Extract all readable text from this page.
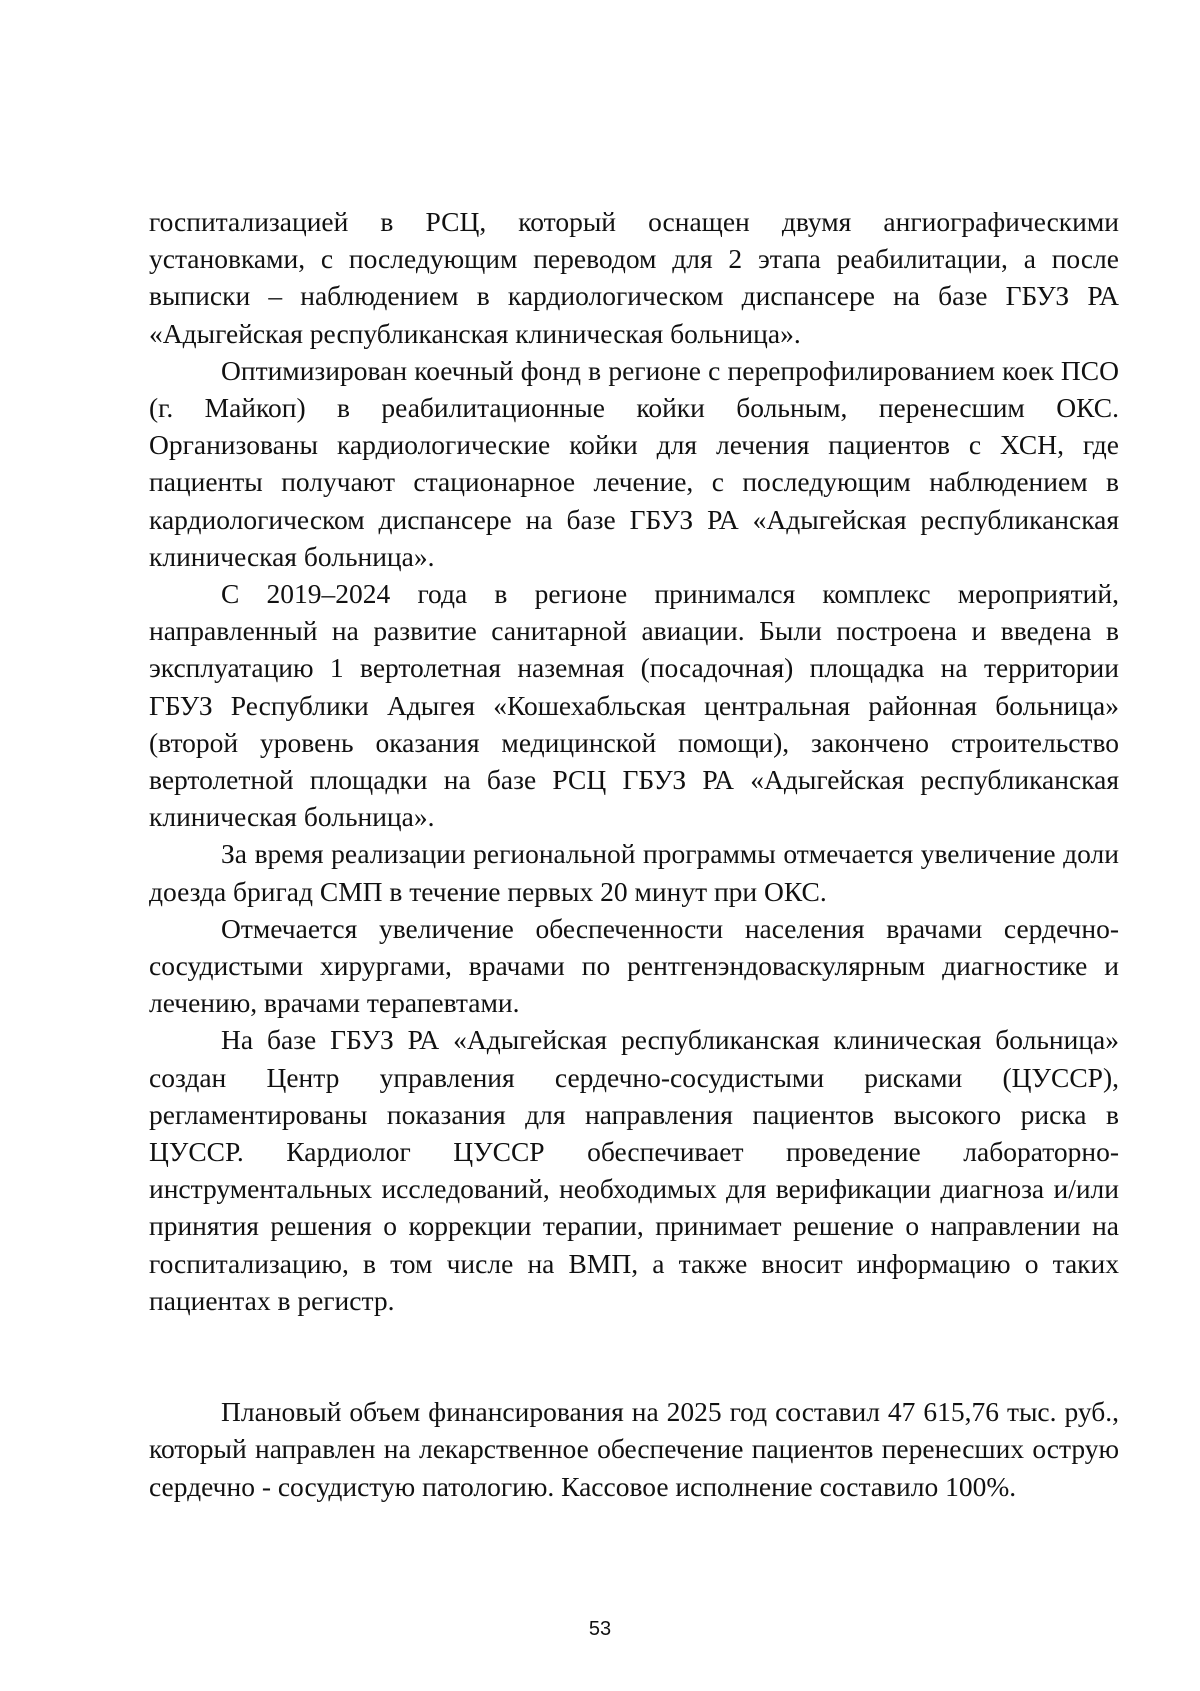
госпитализацией в РСЦ, который оснащен двумя ангиографическими установками, с последующим переводом для 2 этапа реабилитации, а после выписки – наблюдением в кардиологическом диспансере на базе ГБУЗ РА «Адыгейская республиканская клиническая больница».

Оптимизирован коечный фонд в регионе с перепрофилированием коек ПСО (г. Майкоп) в реабилитационные койки больным, перенесшим ОКС. Организованы кардиологические койки для лечения пациентов с ХСН, где пациенты получают стационарное лечение, с последующим наблюдением в кардиологическом диспансере на базе ГБУЗ РА «Адыгейская республиканская клиническая больница».

С 2019–2024 года в регионе принимался комплекс мероприятий, направленный на развитие санитарной авиации. Были построена и введена в эксплуатацию 1 вертолетная наземная (посадочная) площадка на территории ГБУЗ Республики Адыгея «Кошехабльская центральная районная больница» (второй уровень оказания медицинской помощи), закончено строительство вертолетной площадки на базе РСЦ ГБУЗ РА «Адыгейская республиканская клиническая больница».

За время реализации региональной программы отмечается увеличение доли доезда бригад СМП в течение первых 20 минут при ОКС.

Отмечается увеличение обеспеченности населения врачами сердечно-сосудистыми хирургами, врачами по рентгенэндоваскулярным диагностике и лечению, врачами терапевтами.

На базе ГБУЗ РА «Адыгейская республиканская клиническая больница» создан Центр управления сердечно-сосудистыми рисками (ЦУССР), регламентированы показания для направления пациентов высокого риска в ЦУССР. Кардиолог ЦУССР обеспечивает проведение лабораторно-инструментальных исследований, необходимых для верификации диагноза и/или принятия решения о коррекции терапии, принимает решение о направлении на госпитализацию, в том числе на ВМП, а также вносит информацию о таких пациентах в регистр.

Плановый объем финансирования на 2025 год составил 47 615,76 тыс. руб., который направлен на лекарственное обеспечение пациентов перенесших острую сердечно - сосудистую патологию. Кассовое исполнение составило 100%.

53
